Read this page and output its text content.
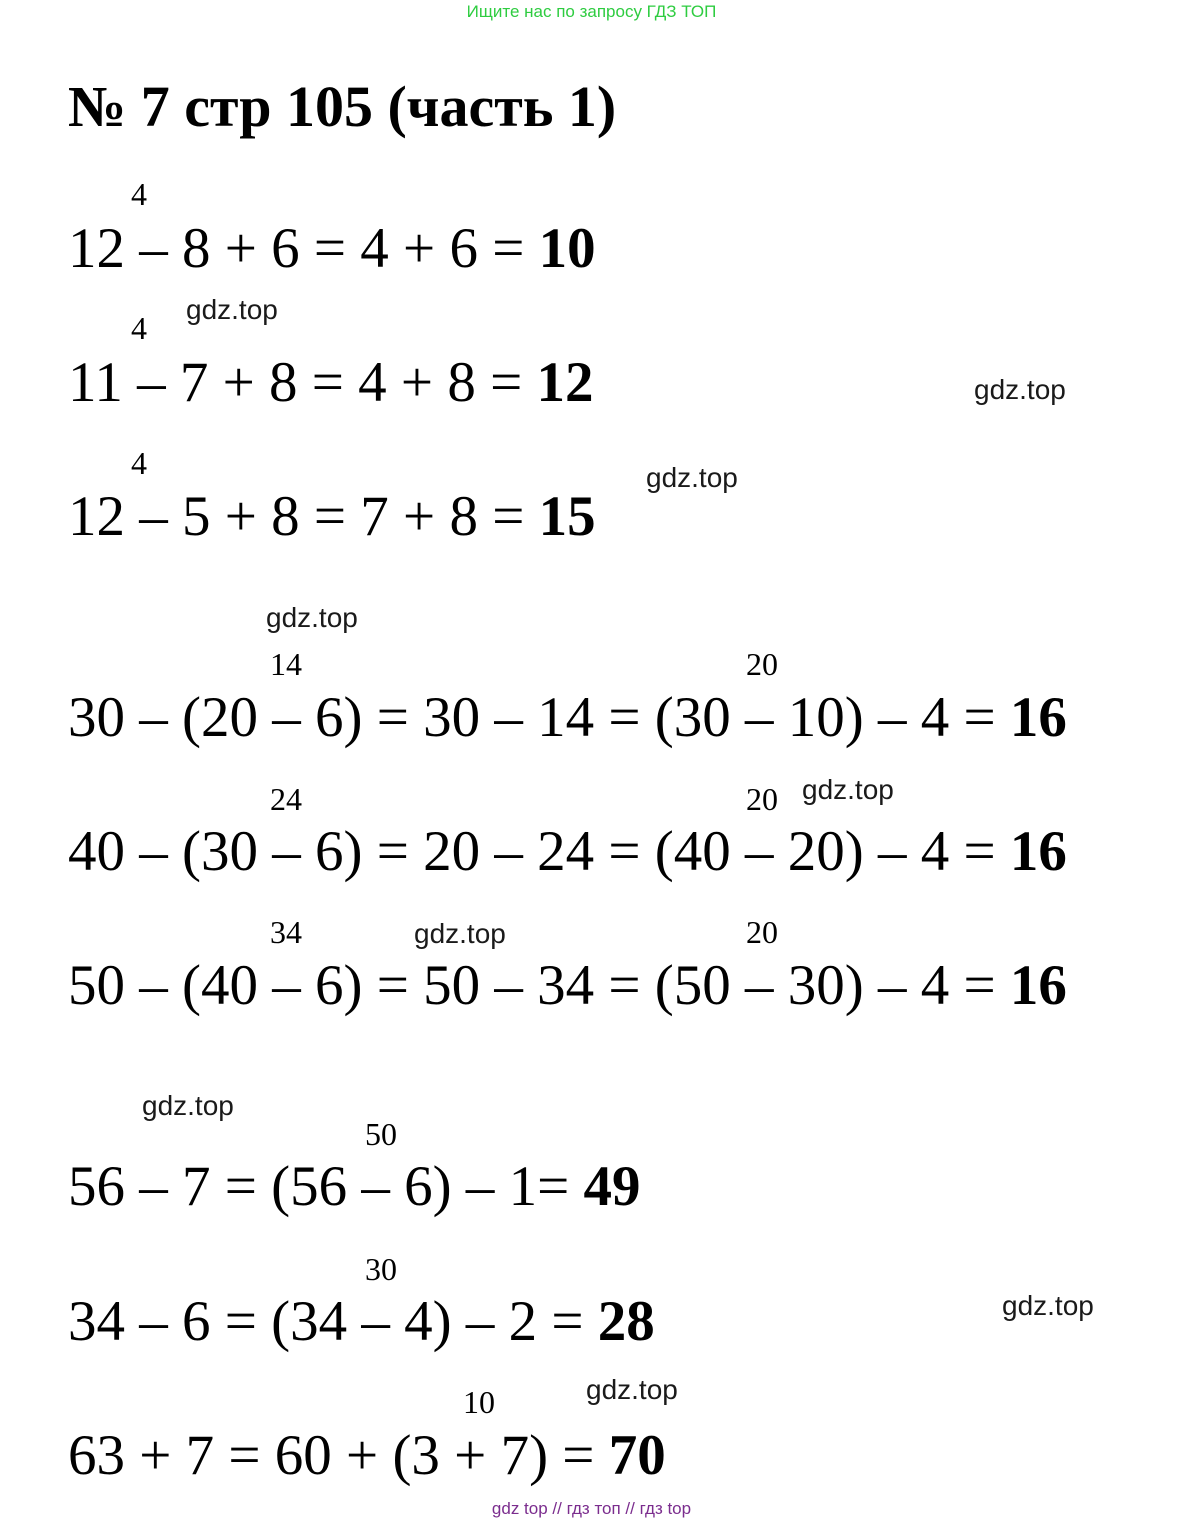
Ищите нас по запросу ГДЗ ТОП
№ 7 стр 105 (часть 1)
4
12 – 8 + 6 = 4 + 6 = 10
4
11 – 7 + 8 = 4 + 8 = 12
4
12 – 5 + 8 = 7 + 8 = 15
14	20
30 – (20 – 6) = 30 – 14 = (30 – 10) – 4 = 16
24	20
40 – (30 – 6) = 20 – 24 = (40 – 20) – 4 = 16
34	20
50 – (40 – 6) = 50 – 34 = (50 – 30) – 4 = 16
50
56 – 7 = (56 – 6) – 1= 49
30
34 – 6 = (34 – 4) – 2 = 28
10
63 + 7 = 60 + (3 + 7) = 70
gdz.top
gdz.top
gdz.top
gdz.top
gdz.top
gdz.top
gdz.top
gdz.top
gdz.top
gdz top // гдз топ // гдз top
